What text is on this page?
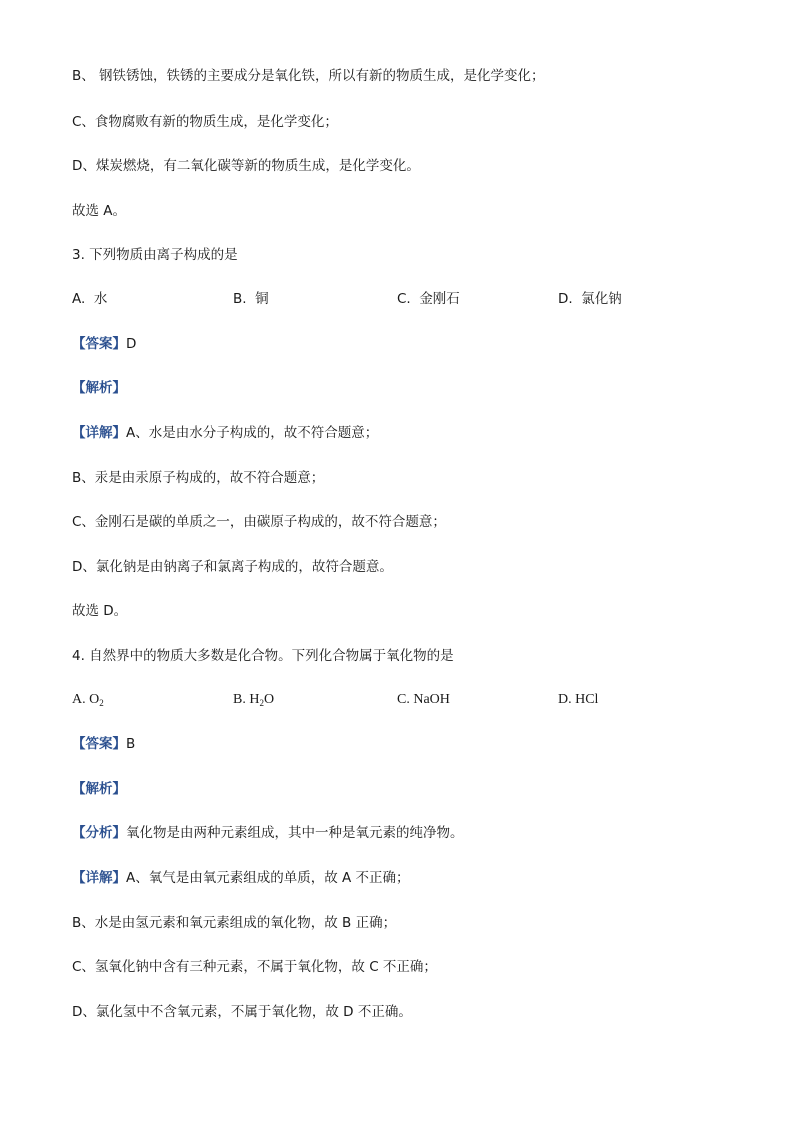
B、 钢铁锈蚀，铁锈的主要成分是氧化铁，所以有新的物质生成，是化学变化；
C、食物腐败有新的物质生成，是化学变化；
D、煤炭燃烧，有二氧化碳等新的物质生成，是化学变化。
故选 A。
3. 下列物质由离子构成的是
A. 水	B. 铜	C. 金刚石	D. 氯化钠
【答案】D
【解析】
【详解】A、水是由水分子构成的，故不符合题意；
B、汞是由汞原子构成的，故不符合题意；
C、金刚石是碳的单质之一，由碳原子构成的，故不符合题意；
D、氯化钠是由钠离子和氯离子构成的，故符合题意。
故选 D。
4. 自然界中的物质大多数是化合物。下列化合物属于氧化物的是
A. $O_2$	B. $H_2O$	C. NaOH	D. HCl
【答案】B
【解析】
【分析】氧化物是由两种元素组成，其中一种是氧元素的纯净物。
【详解】A、氧气是由氧元素组成的单质，故 A 不正确；
B、水是由氢元素和氧元素组成的氧化物，故 B 正确；
C、氢氧化钠中含有三种元素，不属于氧化物，故 C 不正确；
D、氯化氢中不含氧元素，不属于氧化物，故 D 不正确。
